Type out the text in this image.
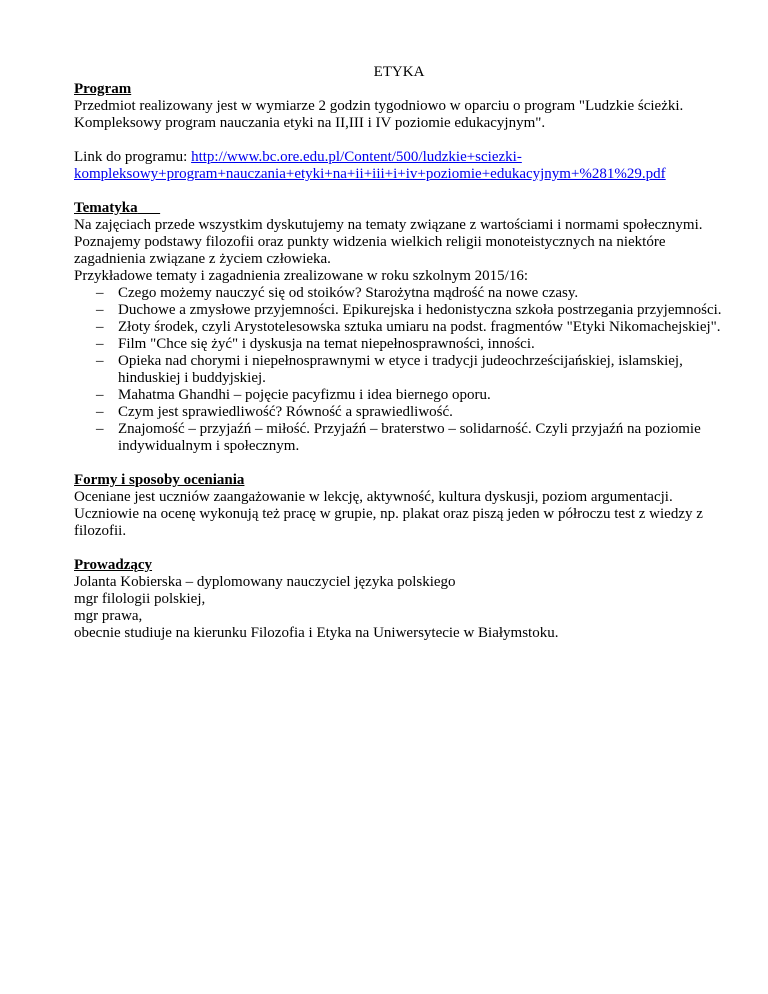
ETYKA

Program

Przedmiot realizowany jest w wymiarze 2 godzin tygodniowo w oparciu o program "Ludzkie ścieżki. Kompleksowy program nauczania etyki na II,III i IV poziomie edukacyjnym".

Link do programu: http://www.bc.ore.edu.pl/Content/500/ludzkie+sciezki-
kompleksowy+program+nauczania+etyki+na+ii+iii+i+iv+poziomie+edukacyjnym+%281%29.pdf

Tematyka

Na zajęciach przede wszystkim dyskutujemy na tematy związane z wartościami i normami społecznymi. Poznajemy podstawy filozofii oraz punkty widzenia wielkich religii monoteistycznych na niektóre zagadnienia związane z życiem człowieka.

Przykładowe tematy i zagadnienia zrealizowane w roku szkolnym 2015/16:

– Czego możemy nauczyć się od stoików? Starożytna mądrość na nowe czasy.
– Duchowe a zmysłowe przyjemności. Epikurejska i hedonistyczna szkoła postrzegania przyjemności.
– Złoty środek, czyli Arystotelesowska sztuka umiaru na podst. fragmentów "Etyki Nikomachejskiej".
– Film "Chce się żyć" i dyskusja na temat niepełnosprawności, inności.
– Opieka nad chorymi i niepełnosprawnymi w etyce i tradycji judeochrześcijańskiej, islamskiej, hinduskiej i buddyjskiej.
– Mahatma Ghandhi – pojęcie pacyfizmu i idea biernego oporu.
– Czym jest sprawiedliwość? Równość a sprawiedliwość.
– Znajomość – przyjaźń – miłość. Przyjaźń – braterstwo – solidarność. Czyli przyjaźń na poziomie indywidualnym i społecznym.

Formy i sposoby oceniania

Oceniane jest uczniów zaangażowanie w lekcję, aktywność, kultura dyskusji, poziom argumentacji. Uczniowie na ocenę wykonują też pracę w grupie, np. plakat oraz piszą jeden w półroczu test z wiedzy z filozofii.

Prowadzący

Jolanta Kobierska – dyplomowany nauczyciel języka polskiego

mgr filologii polskiej,

mgr prawa,

obecnie studiuje na kierunku Filozofia i Etyka na Uniwersytecie w Białymstoku.
